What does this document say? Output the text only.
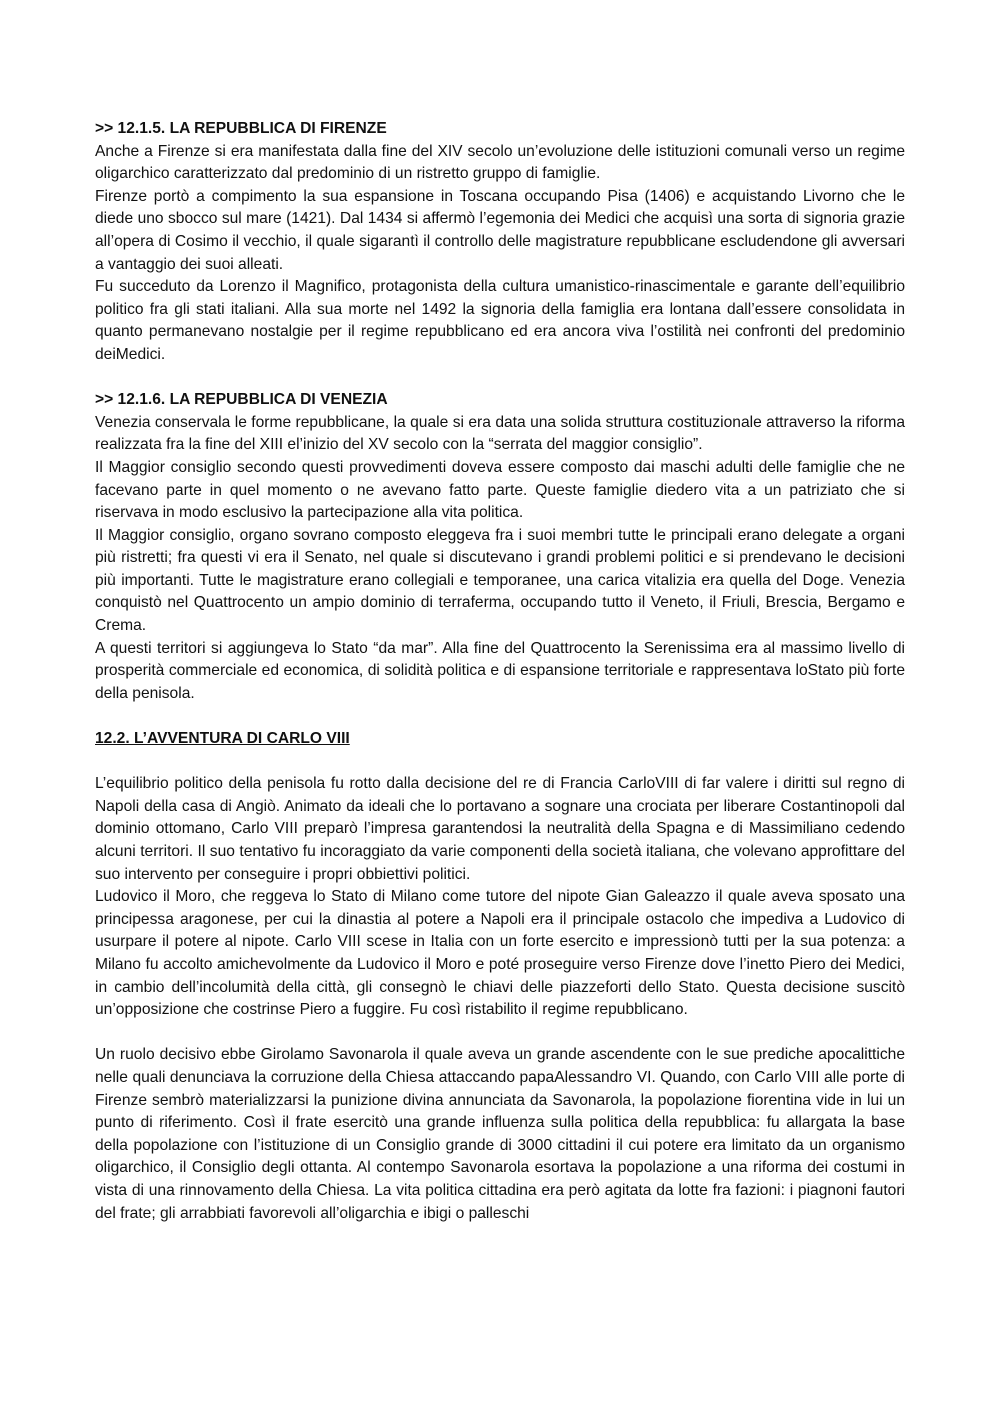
>> 12.1.5. LA REPUBBLICA DI FIRENZE

Anche a Firenze si era manifestata dalla fine del XIV secolo un’evoluzione delle istituzioni comunali verso un regime oligarchico caratterizzato dal predominio di un ristretto gruppo di famiglie.

Firenze portò a compimento la sua espansione in Toscana occupando Pisa (1406) e acquistando Livorno che le diede uno sbocco sul mare (1421). Dal 1434 si affermò l’egemonia dei Medici che acquisì una sorta di signoria grazie all’opera di Cosimo il vecchio, il quale sigarantì il controllo delle magistrature repubblicane escludendone gli avversari a vantaggio dei suoi alleati.

Fu succeduto da Lorenzo il Magnifico, protagonista della cultura umanistico-rinascimentale e garante dell’equilibrio politico fra gli stati italiani. Alla sua morte nel 1492 la signoria della famiglia era lontana dall’essere consolidata in quanto permanevano nostalgie per il regime repubblicano ed era ancora viva l’ostilità nei confronti del predominio deiMedici.

>> 12.1.6. LA REPUBBLICA DI VENEZIA

Venezia conservala le forme repubblicane, la quale si era data una solida struttura costituzionale attraverso la riforma realizzata fra la fine del XIII el’inizio del XV secolo con la “serrata del maggior consiglio”.

Il Maggior consiglio secondo questi provvedimenti doveva essere composto dai maschi adulti delle famiglie che ne facevano parte in quel momento o ne avevano fatto parte. Queste famiglie diedero vita a un patriziato che si riservava in modo esclusivo la partecipazione alla vita politica.

Il Maggior consiglio, organo sovrano composto eleggeva fra i suoi membri tutte le principali erano delegate a organi più ristretti; fra questi vi era il Senato, nel quale si discutevano i grandi problemi politici e si prendevano le decisioni più importanti. Tutte le magistrature erano collegiali e temporanee, una carica vitalizia era quella del Doge. Venezia conquistò nel Quattrocento un ampio dominio di terraferma, occupando tutto il Veneto, il Friuli, Brescia, Bergamo e Crema.

A questi territori si aggiungeva lo Stato “da mar”. Alla fine del Quattrocento la Serenissima era al massimo livello di prosperità commerciale ed economica, di solidità politica e di espansione territoriale e rappresentava loStato più forte della penisola.

12.2. L’AVVENTURA DI CARLO VIII

L’equilibrio politico della penisola fu rotto dalla decisione del re di Francia CarloVIII di far valere i diritti sul regno di Napoli della casa di Angiò. Animato da ideali che lo portavano a sognare una crociata per liberare Costantinopoli dal dominio ottomano, Carlo VIII preparò l’impresa garantendosi la neutralità della Spagna e di Massimiliano cedendo alcuni territori. Il suo tentativo fu incoraggiato da varie componenti della società italiana, che volevano approfittare del suo intervento per conseguire i propri obbiettivi politici.

Ludovico il Moro, che reggeva lo Stato di Milano come tutore del nipote Gian Galeazzo il quale aveva sposato una principessa aragonese, per cui la dinastia al potere a Napoli era il principale ostacolo che impediva a Ludovico di usurpare il potere al nipote. Carlo VIII scese in Italia con un forte esercito e impressionò tutti per la sua potenza: a Milano fu accolto amichevolmente da Ludovico il Moro e poté proseguire verso Firenze dove l’inetto Piero dei Medici, in cambio dell’incolumità della città, gli consegnò le chiavi delle piazzeforti dello Stato. Questa decisione suscitò un’opposizione che costrinse Piero a fuggire. Fu così ristabilito il regime repubblicano.

Un ruolo decisivo ebbe Girolamo Savonarola il quale aveva un grande ascendente con le sue prediche apocalittiche nelle quali denunciava la corruzione della Chiesa attaccando papaAlessandro VI. Quando, con Carlo VIII alle porte di Firenze sembrò materializzarsi la punizione divina annunciata da Savonarola, la popolazione fiorentina vide in lui un punto di riferimento. Così il frate esercitò una grande influenza sulla politica della repubblica: fu allargata la base della popolazione con l’istituzione di un Consiglio grande di 3000 cittadini il cui potere era limitato da un organismo oligarchico, il Consiglio degli ottanta. Al contempo Savonarola esortava la popolazione a una riforma dei costumi in vista di una rinnovamento della Chiesa. La vita politica cittadina era però agitata da lotte fra fazioni: i piagnoni fautori del frate; gli arrabbiati favorevoli all’oligarchia e ibigi o palleschi
